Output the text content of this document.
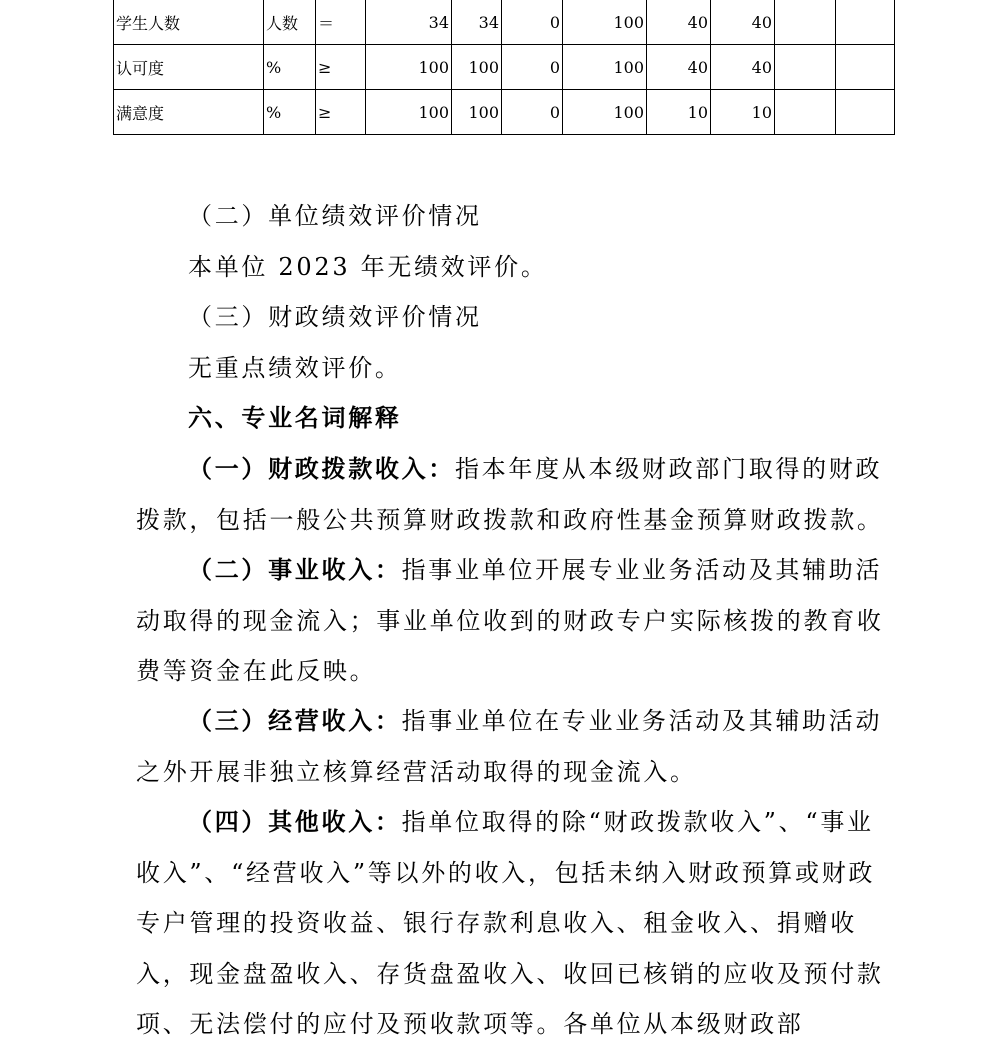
学生人数	人数	＝	34	34	0	100	40	40		
认可度	%	≥	100	100	0	100	40	40		
满意度	%	≥	100	100	0	100	10	10		

（二）单位绩效评价情况

本单位 2023 年无绩效评价。

（三）财政绩效评价情况

无重点绩效评价。

六、专业名词解释

（一）财政拨款收入：指本年度从本级财政部门取得的财政拨款，包括一般公共预算财政拨款和政府性基金预算财政拨款。

（二）事业收入：指事业单位开展专业业务活动及其辅助活动取得的现金流入；事业单位收到的财政专户实际核拨的教育收费等资金在此反映。

（三）经营收入：指事业单位在专业业务活动及其辅助活动之外开展非独立核算经营活动取得的现金流入。

（四）其他收入：指单位取得的除“财政拨款收入”、“事业收入”、“经营收入”等以外的收入，包括未纳入财政预算或财政专户管理的投资收益、银行存款利息收入、租金收入、捐赠收入，现金盘盈收入、存货盘盈收入、收回已核销的应收及预付款项、无法偿付的应付及预收款项等。各单位从本级财政部
